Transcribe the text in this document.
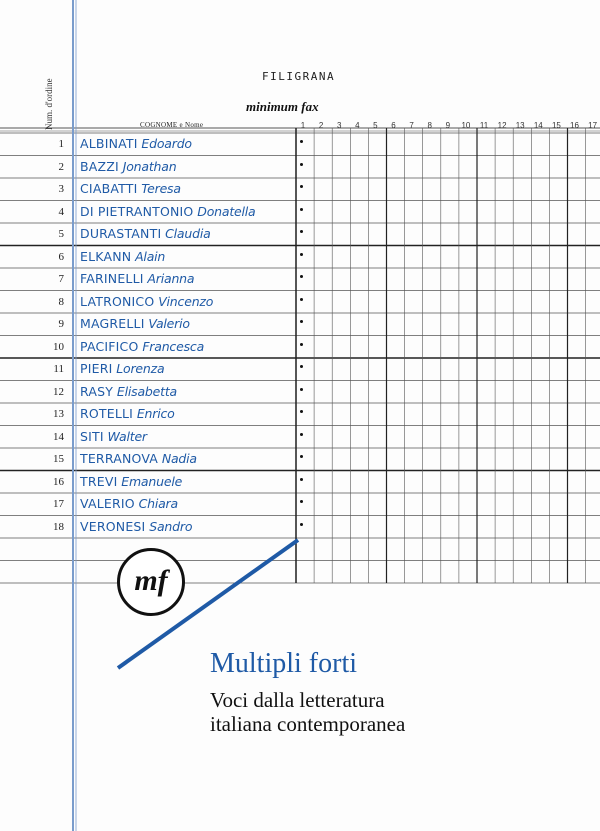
Num. d'ordine
FILIGRANA
minimum fax
COGNOME e Nome	1	2	3	4	5	6	7	8	9	10	11	12	13	14	15	16	17
1 ALBINATI Edoardo
2 BAZZI Jonathan
3 CIABATTI Teresa
4 DI PIETRANTONIO Donatella
5 DURASTANTI Claudia
6 ELKANN Alain
7 FARINELLI Arianna
8 LATRONICO Vincenzo
9 MAGRELLI Valerio
10 PACIFICO Francesca
11 PIERI Lorenza
12 RASY Elisabetta
13 ROTELLI Enrico
14 SITI Walter
15 TERRANOVA Nadia
16 TREVI Emanuele
17 VALERIO Chiara
18 VERONESI Sandro
mf
Multipli forti
Voci dalla letteratura
italiana contemporanea
